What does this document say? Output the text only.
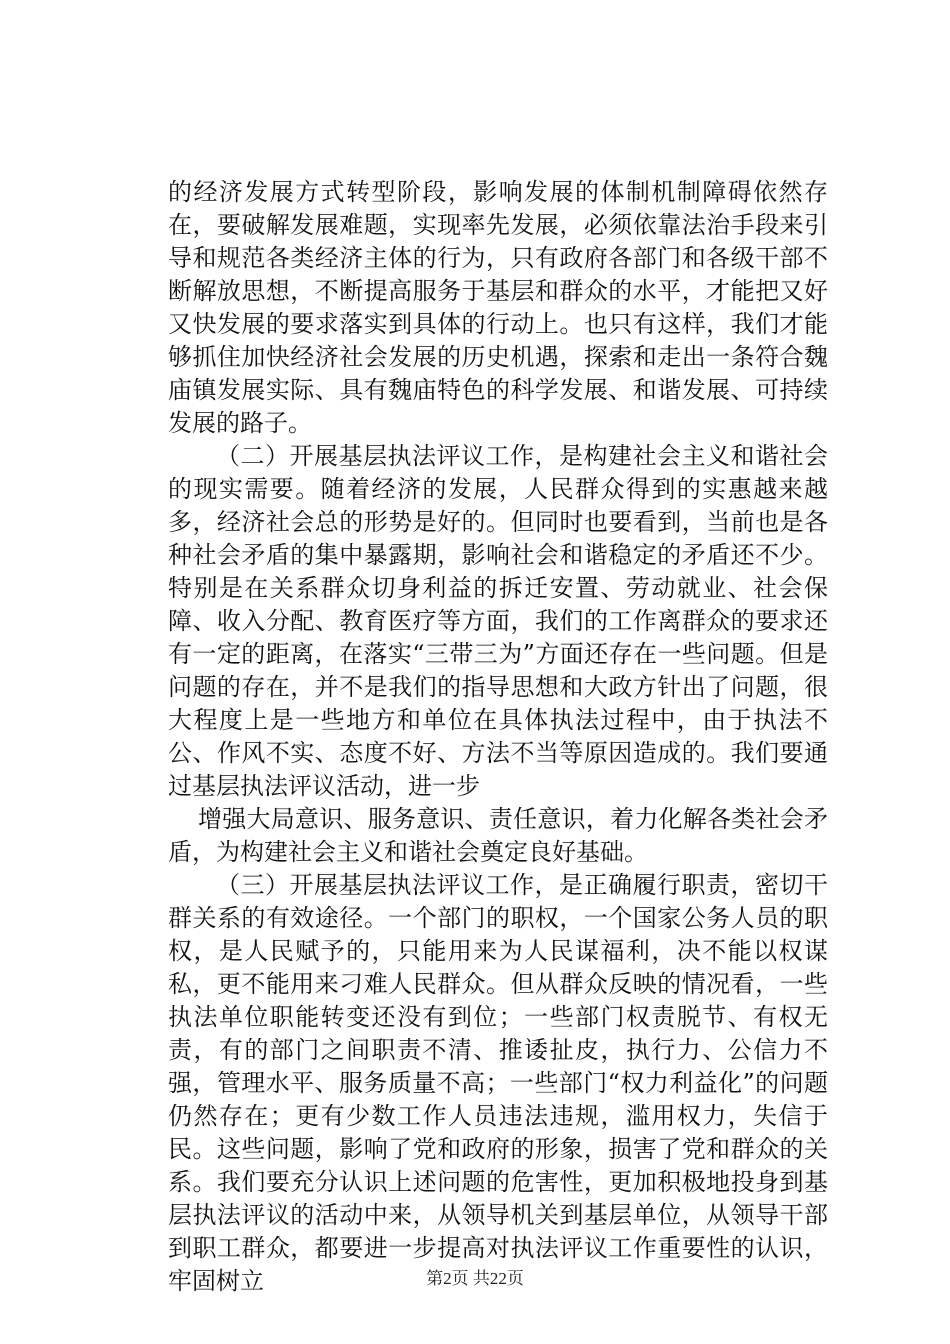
的经济发展方式转型阶段，影响发展的体制机制障碍依然存在，要破解发展难题，实现率先发展，必须依靠法治手段来引导和规范各类经济主体的行为，只有政府各部门和各级干部不断解放思想，不断提高服务于基层和群众的水平，才能把又好又快发展的要求落实到具体的行动上。也只有这样，我们才能够抓住加快经济社会发展的历史机遇，探索和走出一条符合魏庙镇发展实际、具有魏庙特色的科学发展、和谐发展、可持续发展的路子。

（二）开展基层执法评议工作，是构建社会主义和谐社会的现实需要。随着经济的发展，人民群众得到的实惠越来越多，经济社会总的形势是好的。但同时也要看到，当前也是各种社会矛盾的集中暴露期，影响社会和谐稳定的矛盾还不少。特别是在关系群众切身利益的拆迁安置、劳动就业、社会保障、收入分配、教育医疗等方面，我们的工作离群众的要求还有一定的距离，在落实“三带三为”方面还存在一些问题。但是问题的存在，并不是我们的指导思想和大政方针出了问题，很大程度上是一些地方和单位在具体执法过程中，由于执法不公、作风不实、态度不好、方法不当等原因造成的。我们要通过基层执法评议活动，进一步

增强大局意识、服务意识、责任意识，着力化解各类社会矛盾，为构建社会主义和谐社会奠定良好基础。

（三）开展基层执法评议工作，是正确履行职责，密切干群关系的有效途径。一个部门的职权，一个国家公务人员的职权，是人民赋予的，只能用来为人民谋福利，决不能以权谋私，更不能用来刁难人民群众。但从群众反映的情况看，一些执法单位职能转变还没有到位；一些部门权责脱节、有权无责，有的部门之间职责不清、推诿扯皮，执行力、公信力不强，管理水平、服务质量不高；一些部门“权力利益化”的问题仍然存在；更有少数工作人员违法违规，滥用权力，失信于民。这些问题，影响了党和政府的形象，损害了党和群众的关系。我们要充分认识上述问题的危害性，更加积极地投身到基层执法评议的活动中来，从领导机关到基层单位，从领导干部到职工群众，都要进一步提高对执法评议工作重要性的认识，牢固树立	第2页 共22页
